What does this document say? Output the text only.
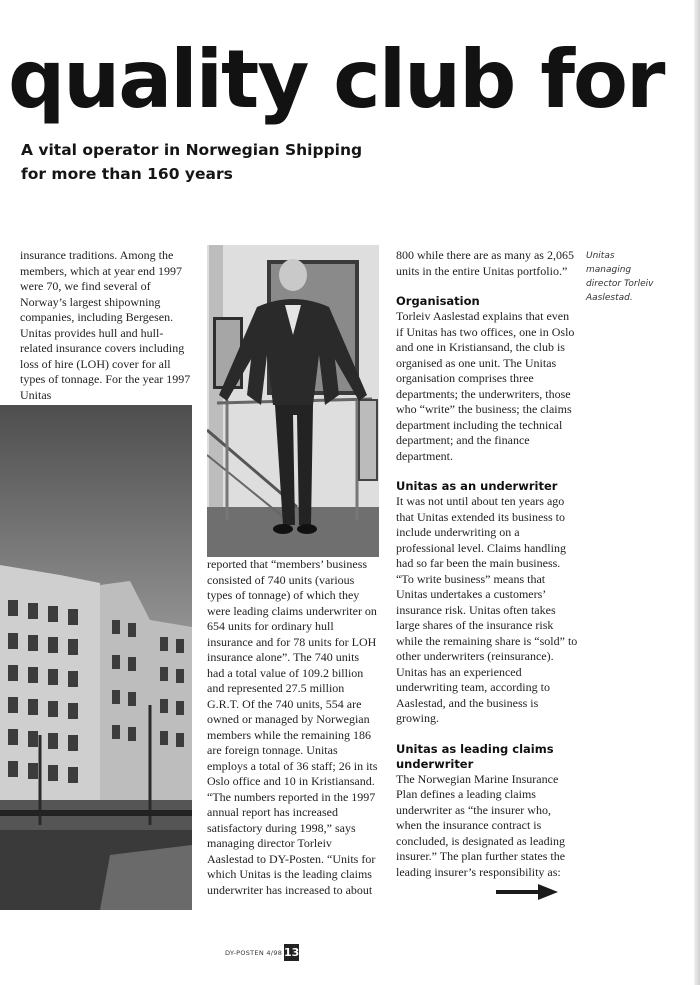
quality club for
A vital operator in Norwegian Shipping
for more than 160 years

insurance traditions. Among the members, which at year end 1997 were 70, we find several of Norway’s largest shipowning companies, including Bergesen. Unitas provides hull and hull-related insurance covers including loss of hire (LOH) cover for all types of tonnage. For the year 1997 Unitas

reported that “members’ business consisted of 740 units (various types of tonnage) of which they were leading claims underwriter on 654 units for ordinary hull insurance and for 78 units for LOH insurance alone”. The 740 units had a total value of 109.2 billion and represented 27.5 million G.R.T. Of the 740 units, 554 are owned or managed by Norwegian members while the remaining 186 are foreign tonnage. Unitas employs a total of 36 staff; 26 in its Oslo office and 10 in Kristiansand. “The numbers reported in the 1997 annual report has increased satisfactory during 1998,” says managing director Torleiv Aaslestad to DY-Posten. “Units for which Unitas is the leading claims underwriter has increased to about

800 while there are as many as 2,065 units in the entire Unitas portfolio.”

Organisation

Torleiv Aaslestad explains that even if Unitas has two offices, one in Oslo and one in Kristiansand, the club is organised as one unit. The Unitas organisation comprises three departments; the underwriters, those who “write” the business; the claims department including the technical department; and the finance department.

Unitas as an underwriter

It was not until about ten years ago that Unitas extended its business to include underwriting on a professional level. Claims handling had so far been the main business. “To write business” means that Unitas undertakes a customers’ insurance risk. Unitas often takes large shares of the insurance risk while the remaining share is “sold” to other underwriters (reinsurance). Unitas has an experienced underwriting team, according to Aaslestad, and the business is growing.

Unitas as leading claims underwriter

The Norwegian Marine Insurance Plan defines a leading claims underwriter as “the insurer who, when the insurance contract is concluded, is designated as leading insurer.” The plan further states the leading insurer’s responsibility as:

Unitas
managing
director Torleiv
Aaslestad.
DY-POSTEN 4/98 13
